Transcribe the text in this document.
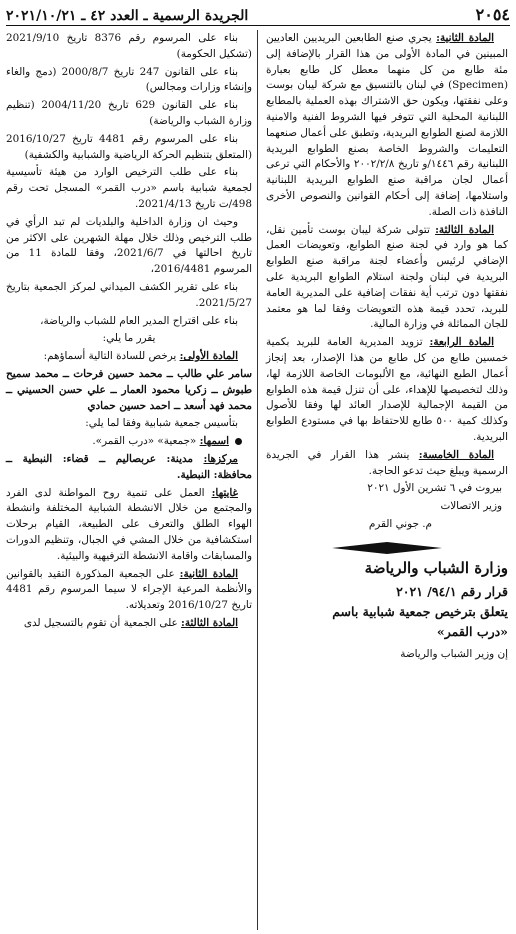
الجريدة الرسمية ـ العدد ٤٢ ـ ٢٠٢١/١٠/٢١	٢٠٥٤

المادة الثانية: يجري صنع الطابعين البريديين العاديين المبينين في المادة الأولى من هذا القرار بالإضافة إلى مئة طابع من كل منهما معطل كل طابع بعبارة (Specimen) في لبنان بالتنسيق مع شركة ليبان بوست وعلى نفقتها، ويكون حق الاشتراك بهذه العملية بالمطابع اللبنانية المحلية التي تتوفر فيها الشروط الفنية والامنية اللازمة لصنع الطوابع البريدية، وتطبق على أعمال صنعهما التعليمات والشروط الخاصة بصنع الطوابع البريدية اللبنانية رقم ١٤٤٦/و تاريخ ٢٠٠٢/٢/٨ والأحكام التي ترعى أعمال لجان مراقبة صنع الطوابع البريدية اللبنانية واستلامها، إضافة إلى أحكام القوانين والنصوص الأخرى النافذة ذات الصلة.

المادة الثالثة: تتولى شركة ليبان بوست تأمين نقل، كما هو وارد في لجنة صنع الطوابع، وتعويضات العمل الإضافي لرئيس وأعضاء لجنة مراقبة صنع الطوابع البريدية في لبنان ولجنة استلام الطوابع البريدية على نفقتها دون ترتب أية نفقات إضافية على المديرية العامة للبريد، تحدد قيمة هذه التعويضات وفقا لما هو معتمد للجان المماثلة في وزارة المالية.

المادة الرابعة: تزويد المديرية العامة للبريد بكمية خمسين طابع من كل طابع من هذا الإصدار، بعد إنجاز أعمال الطبع النهائية، مع الألبومات الخاصة اللازمة لها، وذلك لتخصيصها للإهداء، على أن تنزل قيمة هذه الطوابع من القيمة الإجمالية للإصدار العائد لها وفقا للأصول وكذلك كمية ٥٠٠ طابع للاحتفاظ بها في مستودع الطوابع البريدية.

المادة الخامسة: ينشر هذا القرار في الجريدة الرسمية ويبلغ حيث تدعو الحاجة.

بيروت في ٦ تشرين الأول ٢٠٢١

وزير الاتصالات

م. جوني القرم

وزارة الشباب والرياضة

قرار رقم ٩٤/١/ ٢٠٢١

يتعلق بترخيص جمعية شبابية باسم

«درب القمر»

إن وزير الشباب والرياضة

بناء على المرسوم رقم 8376 تاريخ 2021/9/10 (تشكيل الحكومة)

بناء على القانون 247 تاريخ 2000/8/7 (دمج والغاء وإنشاء وزارات ومجالس)

بناء على القانون 629 تاريخ 2004/11/20 (تنظيم وزارة الشباب والرياضة)

بناء على المرسوم رقم 4481 تاريخ 2016/10/27 (المتعلق بتنظيم الحركة الرياضية والشبابية والكشفية)

بناء على طلب الترخيص الوارد من هيئة تأسيسية لجمعية شبابية باسم «درب القمر» المسجل تحت رقم 498/ت تاريخ 2021/4/13.

وحيث ان وزارة الداخلية والبلديات لم تبد الرأي في طلب الترخيص وذلك خلال مهلة الشهرين على الاكثر من تاريخ احالتها في 2021/6/7، وفقا للمادة 11 من المرسوم 2016/4481،

بناء على تقرير الكشف الميداني لمركز الجمعية بتاريخ 2021/5/27.

بناء على اقتراح المدير العام للشباب والرياضة،

يقرر ما يلي:

المادة الأولى: يرخص للسادة التالية أسماؤهم:

سامر علي طالب ــ محمد حسين فرحات ــ محمد سميح طبوش ــ زكريا محمود العمار ــ علي حسن الحسيني ــ محمد فهد أسعد ــ احمد حسين حمادي

بتأسيس جمعية شبابية وفقا لما يلي:

اسمها: «جمعية» «درب القمر».

مركزها: مدينة: عربصاليم ــ قضاء: النبطية ــ محافظة: النبطية.

غايتها: العمل على تنمية روح المواطنة لدى الفرد والمجتمع من خلال الانشطة الشبابية المختلفة وانشطة الهواء الطلق والتعرف على الطبيعة، القيام برحلات استكشافية من خلال المشي في الجبال، وتنظيم الدورات والمسابقات واقامة الانشطة الترفيهية والبيئية.

المادة الثانية: على الجمعية المذكورة التقيد بالقوانين والأنظمة المرعية الإجراء لا سيما المرسوم رقم 4481 تاريخ 2016/10/27 وتعديلاته.

المادة الثالثة: على الجمعية أن تقوم بالتسجيل لدى
